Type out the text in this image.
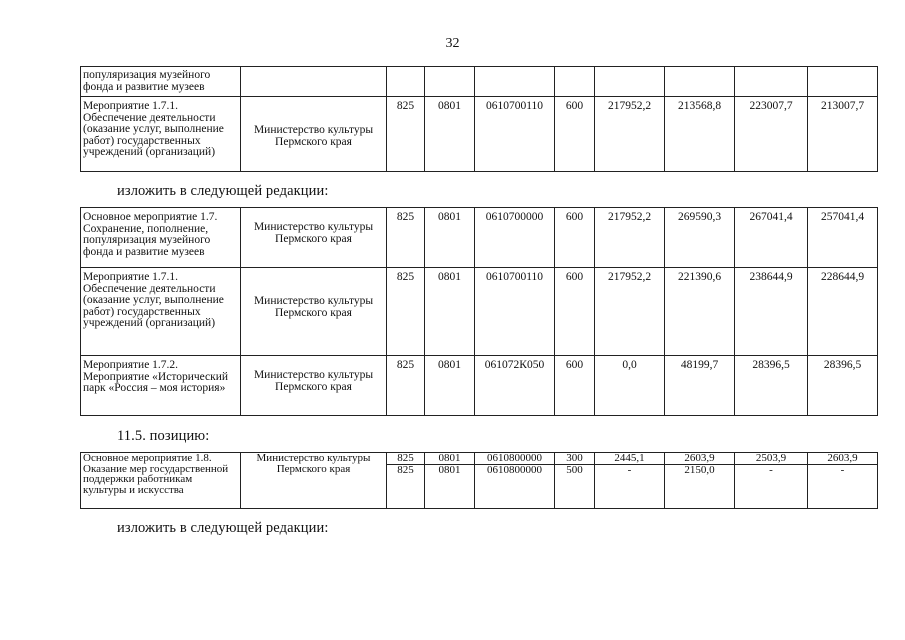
32
популяризация музейного фонда и развитие музеев									
Мероприятие 1.7.1. Обеспечение деятельности (оказание услуг, выполнение работ) государственных учреждений (организаций)	Министерство культуры Пермского края	825	0801	0610700110	600	217952,2	213568,8	223007,7	213007,7
изложить в следующей редакции:
Основное мероприятие 1.7. Сохранение, пополнение, популяризация музейного фонда и развитие музеев	Министерство культуры Пермского края	825	0801	0610700000	600	217952,2	269590,3	267041,4	257041,4
Мероприятие 1.7.1. Обеспечение деятельности (оказание услуг, выполнение работ) государственных учреждений (организаций)	Министерство культуры Пермского края	825	0801	0610700110	600	217952,2	221390,6	238644,9	228644,9
Мероприятие 1.7.2. Мероприятие «Исторический парк «Россия – моя история»	Министерство культуры Пермского края	825	0801	061072К050	600	0,0	48199,7	28396,5	28396,5
11.5. позицию:
Основное мероприятие 1.8. Оказание мер государственной поддержки работникам культуры и искусства	Министерство культуры Пермского края	825	0801	0610800000	300	2445,1	2603,9	2503,9	2603,9
		825	0801	0610800000	500	-	2150,0	-	-
изложить в следующей редакции:
